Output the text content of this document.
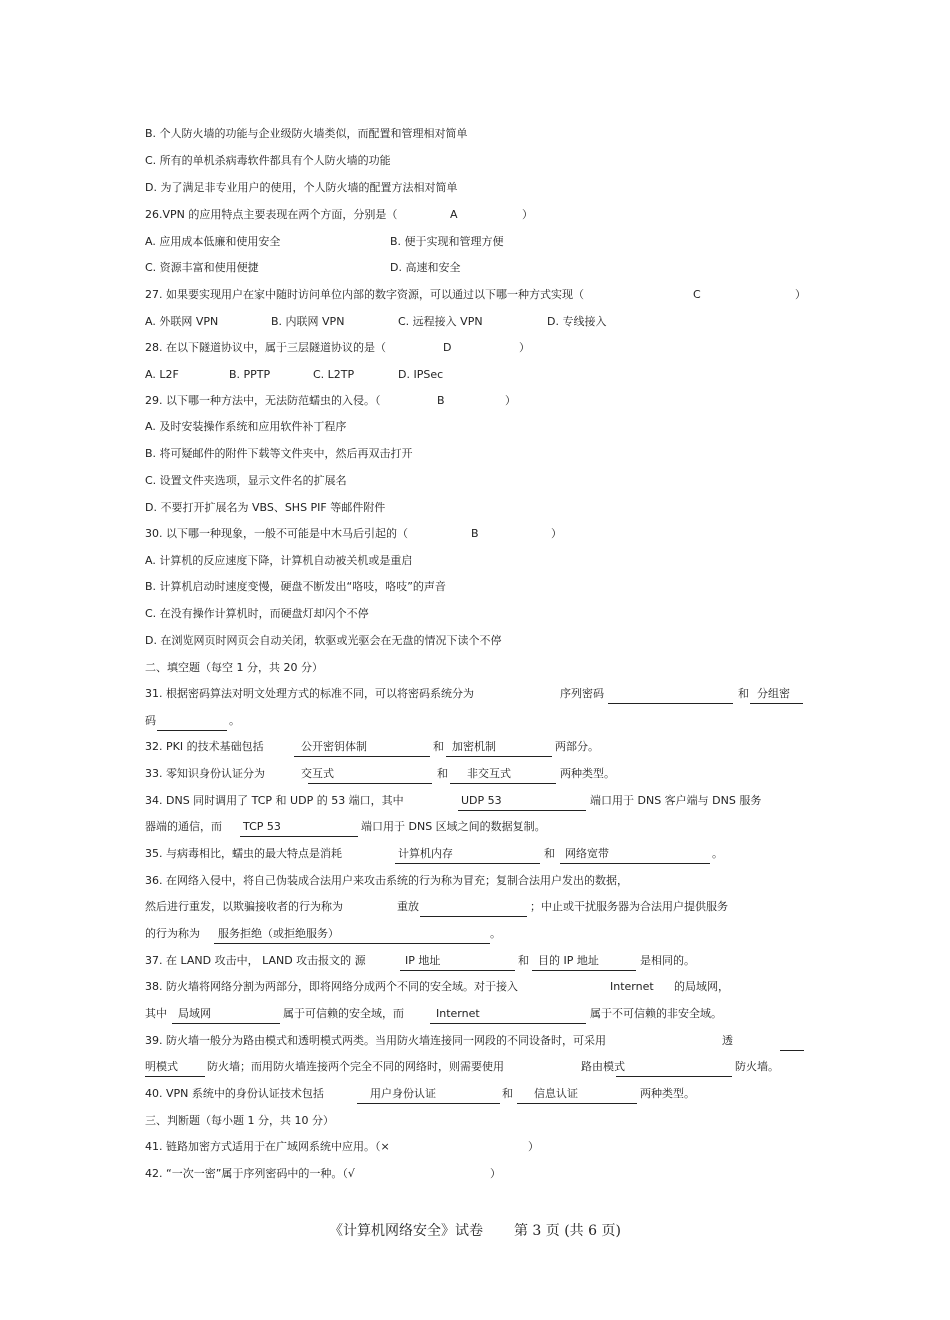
B. 个人防火墙的功能与企业级防火墙类似，而配置和管理相对简单
C. 所有的单机杀病毒软件都具有个人防火墙的功能
D. 为了满足非专业用户的使用，个人防火墙的配置方法相对简单
26.VPN 的应用特点主要表现在两个方面，分别是（	A	）
A. 应用成本低廉和使用安全	B. 便于实现和管理方便
C. 资源丰富和使用便捷	D. 高速和安全
27. 如果要实现用户在家中随时访问单位内部的数字资源，可以通过以下哪一种方式实现（	C	）
A. 外联网 VPN	B. 内联网 VPN	C. 远程接入 VPN	D. 专线接入
28. 在以下隧道协议中，属于三层隧道协议的是（	D	）
A. L2F	B. PPTP	C. L2TP	D. IPSec
29. 以下哪一种方法中，无法防范蠕虫的入侵。（	B	）
A. 及时安装操作系统和应用软件补丁程序
B. 将可疑邮件的附件下载等文件夹中，然后再双击打开
C. 设置文件夹选项，显示文件名的扩展名
D. 不要打开扩展名为 VBS、SHS PIF 等邮件附件
30. 以下哪一种现象，一般不可能是中木马后引起的（	B	）
A. 计算机的反应速度下降，计算机自动被关机或是重启
B. 计算机启动时速度变慢，硬盘不断发出“咯吱，咯吱”的声音
C. 在没有操作计算机时，而硬盘灯却闪个不停
D. 在浏览网页时网页会自动关闭，软驱或光驱会在无盘的情况下读个不停
二、填空题（每空 1 分，共 20 分）
31. 根据密码算法对明文处理方式的标准不同，可以将密码系统分为	序列密码	和 分组密
码	。
32. PKI 的技术基础包括	公开密钥体制	和 加密机制	两部分。
33. 零知识身份认证分为	交互式	和 非交互式	两种类型。
34. DNS 同时调用了 TCP 和 UDP 的 53 端口，其中	UDP 53	端口用于 DNS 客户端与 DNS 服务
器端的通信，而 TCP 53	端口用于 DNS 区域之间的数据复制。
35. 与病毒相比，蠕虫的最大特点是消耗	计算机内存	和 网络宽带	。
36. 在网络入侵中，将自己伪装成合法用户来攻击系统的行为称为冒充；复制合法用户发出的数据，
然后进行重发，以欺骗接收者的行为称为	重放	；中止或干扰服务器为合法用户提供服务
的行为称为 服务拒绝（或拒绝服务）	。
37. 在 LAND 攻击中， LAND 攻击报文的 源	IP 地址	和 目的 IP 地址	是相同的。
38. 防火墙将网络分割为两部分，即将网络分成两个不同的安全域。对于接入	Internet 的局域网，
其中 局域网	属于可信赖的安全域，而	Internet	属于不可信赖的非安全域。
39. 防火墙一般分为路由模式和透明模式两类。当用防火墙连接同一网段的不同设备时，可采用	透
明模式	防火墙；而用防火墙连接两个完全不同的网络时，则需要使用	路由模式	防火墙。
40. VPN 系统中的身份认证技术包括	用户身份认证	和 信息认证	两种类型。
三、判断题（每小题 1 分，共 10 分）
41. 链路加密方式适用于在广域网系统中应用。（×	）
42. “一次一密”属于序列密码中的一种。（√	）
《计算机网络安全》试卷 第 3 页 (共 6 页)
